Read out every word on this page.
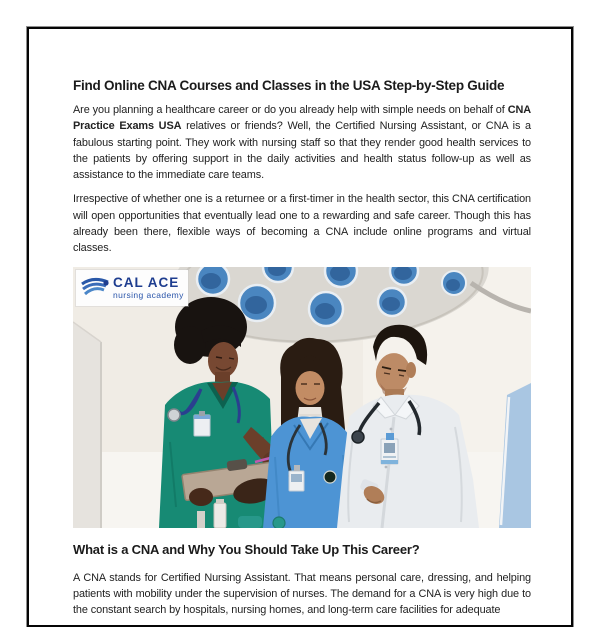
Find Online CNA Courses and Classes in the USA Step-by-Step Guide

Are you planning a healthcare career or do you already help with simple needs on behalf of CNA Practice Exams USA relatives or friends? Well, the Certified Nursing Assistant, or CNA is a fabulous starting point. They work with nursing staff so that they render good health services to the patients by offering support in the daily activities and health status follow-up as well as assistance to the immediate care teams.

Irrespective of whether one is a returnee or a first-timer in the health sector, this CNA certification will open opportunities that eventually lead one to a rewarding and safe career. Though this has already been there, flexible ways of becoming a CNA include online programs and virtual classes.

CAL ACE
nursing academy
What is a CNA and Why You Should Take Up This Career?

A CNA stands for Certified Nursing Assistant. That means personal care, dressing, and helping patients with mobility under the supervision of nurses. The demand for a CNA is very high due to the constant search by hospitals, nursing homes, and long-term care facilities for adequate
